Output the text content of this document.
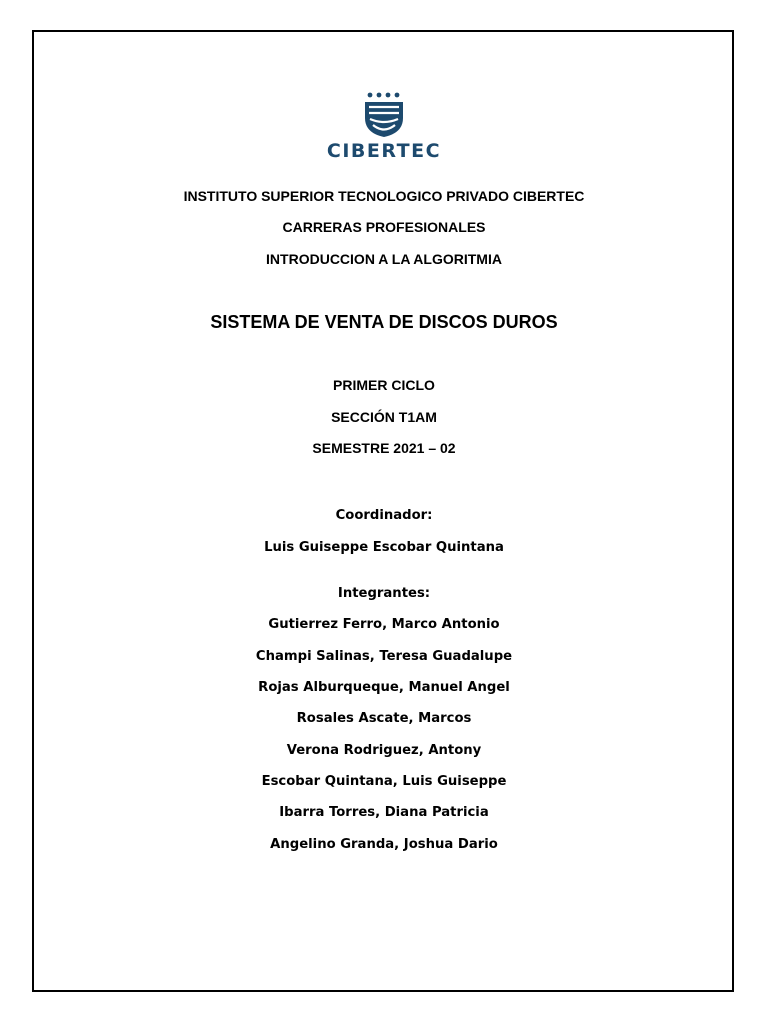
CIBERTEC
INSTITUTO SUPERIOR TECNOLOGICO PRIVADO CIBERTEC
CARRERAS PROFESIONALES
INTRODUCCION A LA ALGORITMIA
SISTEMA DE VENTA DE DISCOS DUROS
PRIMER CICLO
SECCIÓN T1AM
SEMESTRE 2021 – 02
Coordinador:
Luis Guiseppe Escobar Quintana
Integrantes:
Gutierrez Ferro, Marco Antonio
Champi Salinas, Teresa Guadalupe
Rojas Alburqueque, Manuel Angel
Rosales Ascate, Marcos
Verona Rodriguez, Antony
Escobar Quintana, Luis Guiseppe
Ibarra Torres, Diana Patricia
Angelino Granda, Joshua Dario
